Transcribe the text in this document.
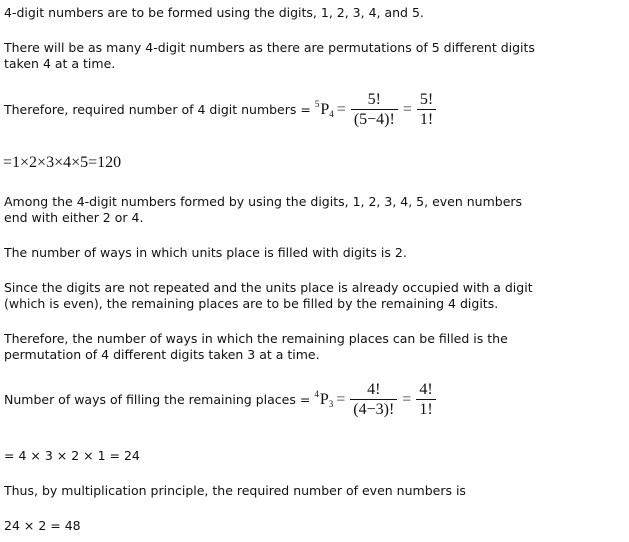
4-digit numbers are to be formed using the digits, 1, 2, 3, 4, and 5.
There will be as many 4-digit numbers as there are permutations of 5 different digits
taken 4 at a time.
Therefore, required number of 4 digit numbers = 5 P $4 = \frac{5!}{(5-4)!} = \frac{5!}{1!}$
=1×2×3×4×5=120
Among the 4-digit numbers formed by using the digits, 1, 2, 3, 4, 5, even numbers
end with either 2 or 4.
The number of ways in which units place is filled with digits is 2.
Since the digits are not repeated and the units place is already occupied with a digit
(which is even), the remaining places are to be filled by the remaining 4 digits.
Therefore, the number of ways in which the remaining places can be filled is the
permutation of 4 different digits taken 3 at a time.
Number of ways of filling the remaining places = 4 P $3 = \frac{4!}{(4-3)!} = \frac{4!}{1!}$
= 4 × 3 × 2 × 1 = 24
Thus, by multiplication principle, the required number of even numbers is
24 × 2 = 48
